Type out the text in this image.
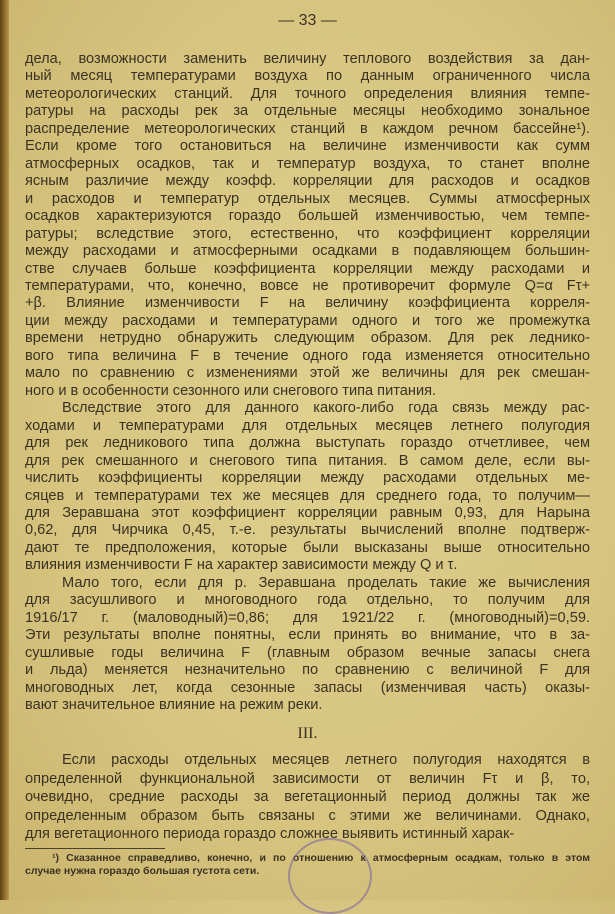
— 33 —
дела, возможности заменить величину теплового воздействия за дан-
ный месяц температурами воздуха по данным ограниченного числа
метеорологических станций. Для точного определения влияния темпе-
ратуры на расходы рек за отдельные месяцы необходимо зональное
распределение метеорологических станций в каждом речном бассейне¹).
Если кроме того остановиться на величине изменчивости как сумм
атмосферных осадков, так и температур воздуха, то станет вполне
ясным различие между коэфф. корреляции для расходов и осадков
и расходов и температур отдельных месяцев. Суммы атмосферных
осадков характеризуются гораздо большей изменчивостью, чем темпе-
ратуры; вследствие этого, естественно, что коэффициент корреляции
между расходами и атмосферными осадками в подавляющем большин-
стве случаев больше коэффициента корреляции между расходами и
температурами, что, конечно, вовсе не противоречит формуле Q=α Fτ+
+β. Влияние изменчивости F на величину коэффициента корреля-
ции между расходами и температурами одного и того же промежутка
времени нетрудно обнаружить следующим образом. Для рек леднико-
вого типа величина F в течение одного года изменяется относительно
мало по сравнению с изменениями этой же величины для рек смешан-
ного и в особенности сезонного или снегового типа питания.
Вследствие этого для данного какого-либо года связь между рас-
ходами и температурами для отдельных месяцев летнего полугодия
для рек ледникового типа должна выступать гораздо отчетливее, чем
для рек смешанного и снегового типа питания. В самом деле, если вы-
числить коэффициенты корреляции между расходами отдельных ме-
сяцев и температурами тех же месяцев для среднего года, то получим—
для Зеравшана этот коэффициент корреляции равным 0,93, для Нарына
0,62, для Чирчика 0,45, т.-е. результаты вычислений вполне подтверж-
дают те предположения, которые были высказаны выше относительно
влияния изменчивости F на характер зависимости между Q и τ.
Мало того, если для р. Зеравшана проделать такие же вычисления
для засушливого и многоводного года отдельно, то получим для
1916/17 г. (маловодный)=0,86; для 1921/22 г. (многоводный)=0,59.
Эти результаты вполне понятны, если принять во внимание, что в за-
сушливые годы величина F (главным образом вечные запасы снега
и льда) меняется незначительно по сравнению с величиной F для
многоводных лет, когда сезонные запасы (изменчивая часть) оказы-
вают значительное влияние на режим реки.
III.
Если расходы отдельных месяцев летнего полугодия находятся в
определенной функциональной зависимости от величин Fτ и β, то,
очевидно, средние расходы за вегетационный период должны так же
определенным образом быть связаны с этими же величинами. Однако,
для вегетационного периода гораздо сложнее выявить истинный харак-
¹) Сказанное справедливо, конечно, и по отношению к атмосферным осадкам, только в этом
случае нужна гораздо большая густота сети.
